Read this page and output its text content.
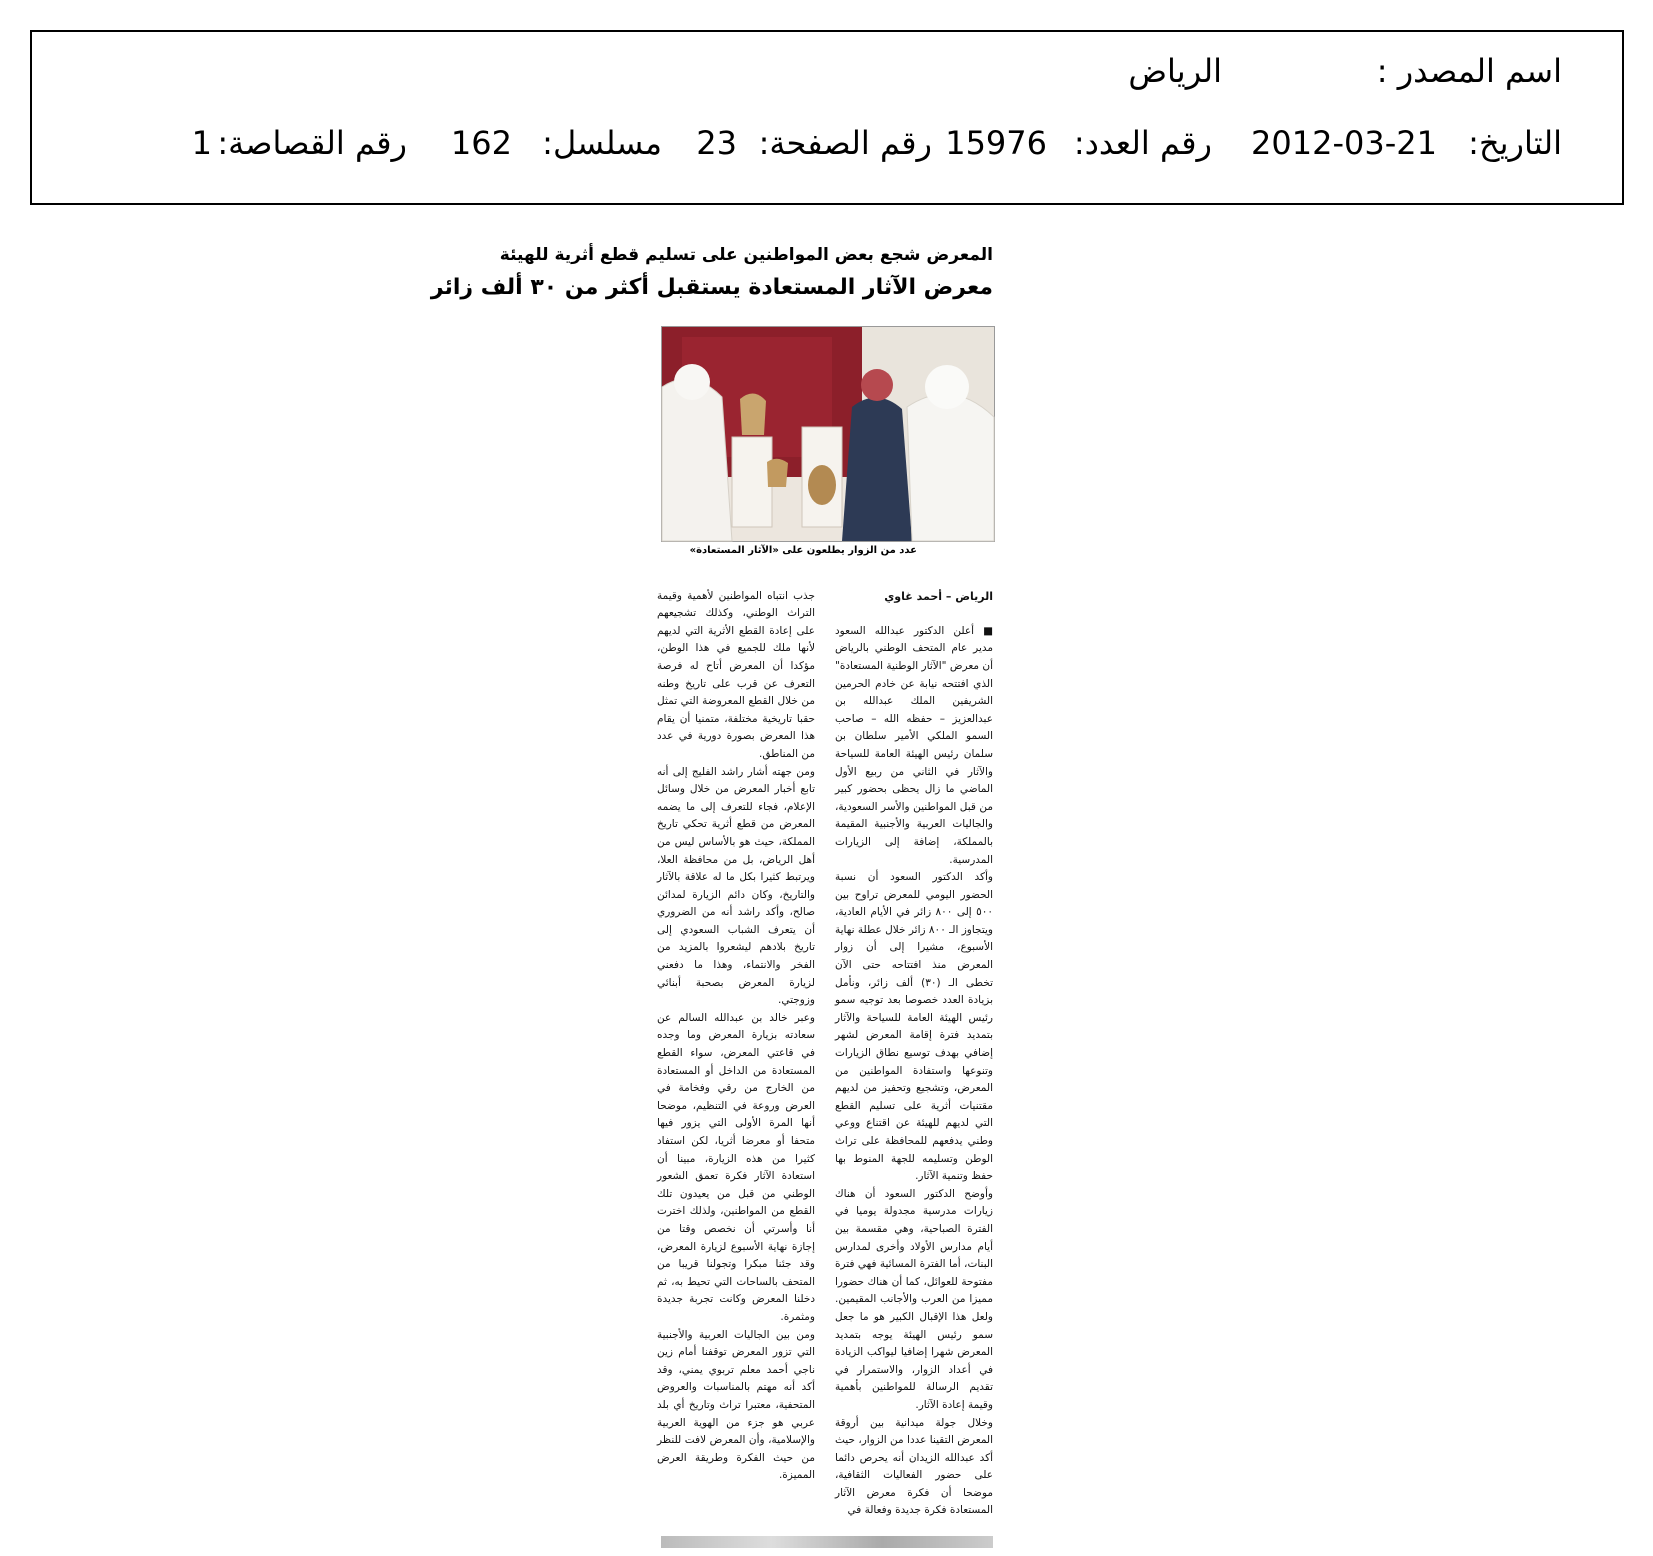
اسم المصدر :
الرياض
التاريخ:
2012-03-21
رقم العدد:
15976
رقم الصفحة:
23
مسلسل:
162
رقم القصاصة:
1
المعرض شجع بعض المواطنين على تسليم قطع أثرية للهيئة
معرض الآثار المستعادة يستقبل أكثر من ٣٠ ألف زائر
عدد من الزوار يطلعون على «الآثار المستعادة»

الرياض – أحمد غاوي

■ أعلن الدكتور عبدالله السعود مدير عام المتحف الوطني بالرياض أن معرض "الآثار الوطنية المستعادة" الذي افتتحه نيابة عن خادم الحرمين الشريفين الملك عبدالله بن عبدالعزيز – حفظه الله – صاحب السمو الملكي الأمير سلطان بن سلمان رئيس الهيئة العامة للسياحة والآثار في الثاني من ربيع الأول الماضي ما زال يحظى بحضور كبير من قبل المواطنين والأسر السعودية، والجاليات العربية والأجنبية المقيمة بالمملكة، إضافة إلى الزيارات المدرسية.
وأكد الدكتور السعود أن نسبة الحضور اليومي للمعرض تراوح بين ٥٠٠ إلى ٨٠٠ زائر في الأيام العادية، ويتجاوز الـ ٨٠٠ زائر خلال عطلة نهاية الأسبوع، مشيرا إلى أن زوار المعرض منذ افتتاحه حتى الآن تخطى الـ (٣٠) ألف زائر، ونأمل بزيادة العدد خصوصا بعد توجيه سمو رئيس الهيئة العامة للسياحة والآثار بتمديد فترة إقامة المعرض لشهر إضافي بهدف توسيع نطاق الزيارات وتنوعها واستفادة المواطنين من المعرض، وتشجيع وتحفيز من لديهم مقتنيات أثرية على تسليم القطع التي لديهم للهيئة عن اقتناع ووعي وطني يدفعهم للمحافظة على تراث الوطن وتسليمه للجهة المنوط بها حفظ وتنمية الآثار.
وأوضح الدكتور السعود أن هناك زيارات مدرسية مجدولة يوميا في الفترة الصباحية، وهي مقسمة بين أيام مدارس الأولاد وأخرى لمدارس البنات، أما الفترة المسائية فهي فترة مفتوحة للعوائل، كما أن هناك حضورا مميزا من العرب والأجانب المقيمين. ولعل هذا الإقبال الكبير هو ما جعل سمو رئيس الهيئة يوجه بتمديد المعرض شهرا إضافيا ليواكب الزيادة في أعداد الزوار، والاستمرار في تقديم الرسالة للمواطنين بأهمية وقيمة إعادة الآثار.
وخلال جولة ميدانية بين أروقة المعرض التقينا عددا من الزوار، حيث أكد عبدالله الزيدان أنه يحرص دائما على حضور الفعاليات الثقافية، موضحا أن فكرة معرض الآثار المستعادة فكرة جديدة وفعالة في

جذب انتباه المواطنين لأهمية وقيمة التراث الوطني، وكذلك تشجيعهم على إعادة القطع الأثرية التي لديهم لأنها ملك للجميع في هذا الوطن، مؤكدا أن المعرض أتاح له فرصة التعرف عن قرب على تاريخ وطنه من خلال القطع المعروضة التي تمثل حقبا تاريخية مختلفة، متمنيا أن يقام هذا المعرض بصورة دورية في عدد من المناطق.
ومن جهته أشار راشد الفليج إلى أنه تابع أخبار المعرض من خلال وسائل الإعلام، فجاء للتعرف إلى ما يضمه المعرض من قطع أثرية تحكي تاريخ المملكة، حيث هو بالأساس ليس من أهل الرياض، بل من محافظة العلا، ويرتبط كثيرا بكل ما له علاقة بالآثار والتاريخ، وكان دائم الزيارة لمدائن صالح، وأكد راشد أنه من الضروري أن يتعرف الشباب السعودي إلى تاريخ بلادهم ليشعروا بالمزيد من الفخر والانتماء، وهذا ما دفعني لزيارة المعرض بصحبة أبنائي وزوجتي.
وعبر خالد بن عبدالله السالم عن سعادته بزيارة المعرض وما وجده في قاعتي المعرض، سواء القطع المستعادة من الداخل أو المستعادة من الخارج من رقي وفخامة في العرض وروعة في التنظيم، موضحا أنها المرة الأولى التي يزور فيها متحفا أو معرضا أثريا، لكن استفاد كثيرا من هذه الزيارة، مبينا أن استعادة الآثار فكرة تعمق الشعور الوطني من قبل من يعيدون تلك القطع من المواطنين، ولذلك اخترت أنا وأسرتي أن نخصص وقتا من إجازة نهاية الأسبوع لزيارة المعرض، وقد جئنا مبكرا وتجولنا قريبا من المتحف بالساحات التي تحيط به، ثم دخلنا المعرض وكانت تجربة جديدة ومثمرة.
ومن بين الجاليات العربية والأجنبية التي تزور المعرض توقفنا أمام زين ناجي أحمد معلم تربوي يمني، وقد أكد أنه مهتم بالمناسبات والعروض المتحفية، معتبرا تراث وتاريخ أي بلد عربي هو جزء من الهوية العربية والإسلامية، وأن المعرض لافت للنظر من حيث الفكرة وطريقة العرض المميزة.
